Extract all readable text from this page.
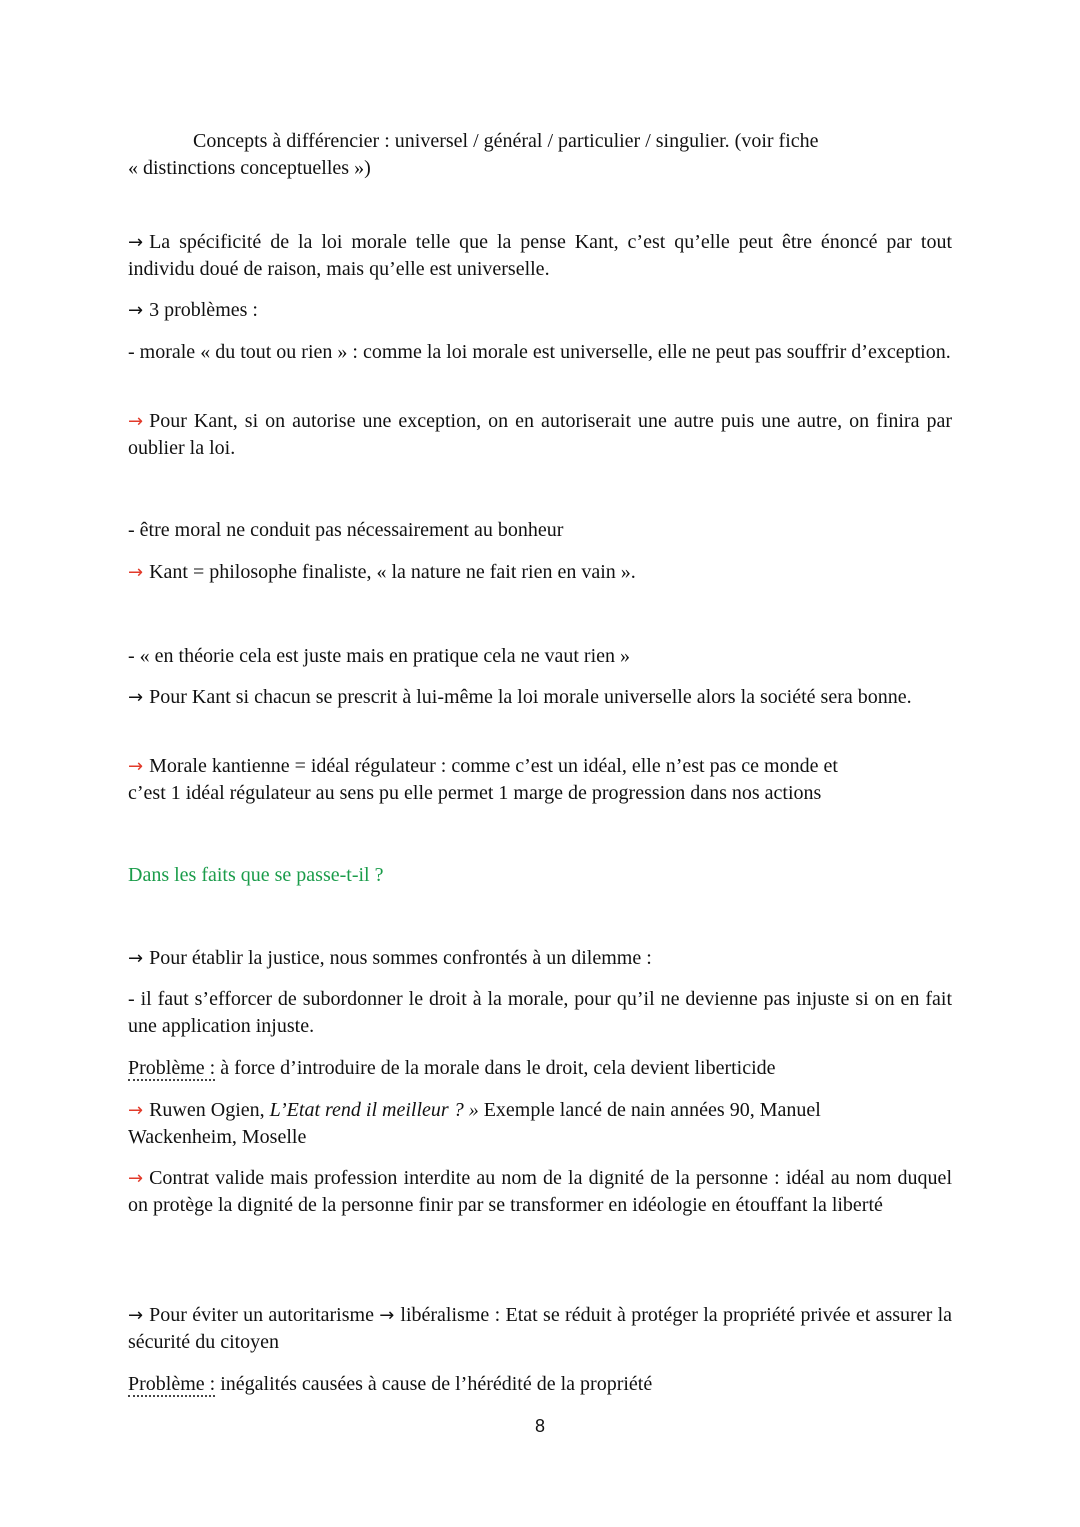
Concepts à différencier : universel / général / particulier / singulier. (voir fiche
« distinctions conceptuelles »)
→ La spécificité de la loi morale telle que la pense Kant, c’est qu’elle peut être énoncé par tout individu doué de raison, mais qu’elle est universelle.
→ 3 problèmes :
- morale « du tout ou rien » : comme la loi morale est universelle, elle ne peut pas souffrir d’exception.
→ Pour Kant, si on autorise une exception, on en autoriserait une autre puis une autre, on finira par oublier la loi.
- être moral ne conduit pas nécessairement au bonheur
→ Kant = philosophe finaliste, « la nature ne fait rien en vain ».
- « en théorie cela est juste mais en pratique cela ne vaut rien »
→ Pour Kant si chacun se prescrit à lui-même la loi morale universelle alors la société sera bonne.
→ Morale kantienne = idéal régulateur : comme c’est un idéal, elle n’est pas ce monde et
c’est 1 idéal régulateur au sens pu elle permet 1 marge de progression dans nos actions
Dans les faits que se passe-t-il ?
→ Pour établir la justice, nous sommes confrontés à un dilemme :
- il faut s’efforcer de subordonner le droit à la morale, pour qu’il ne devienne pas injuste si on en fait une application injuste.
Problème : à force d’introduire de la morale dans le droit, cela devient liberticide
→ Ruwen Ogien, L’Etat rend il meilleur ? » Exemple lancé de nain années 90, Manuel Wackenheim, Moselle
→ Contrat valide mais profession interdite au nom de la dignité de la personne : idéal au nom duquel on protège la dignité de la personne finir par se transformer en idéologie en étouffant la liberté
→ Pour éviter un autoritarisme → libéralisme : Etat se réduit à protéger la propriété privée et assurer la sécurité du citoyen
Problème : inégalités causées à cause de l’hérédité de la propriété
8
